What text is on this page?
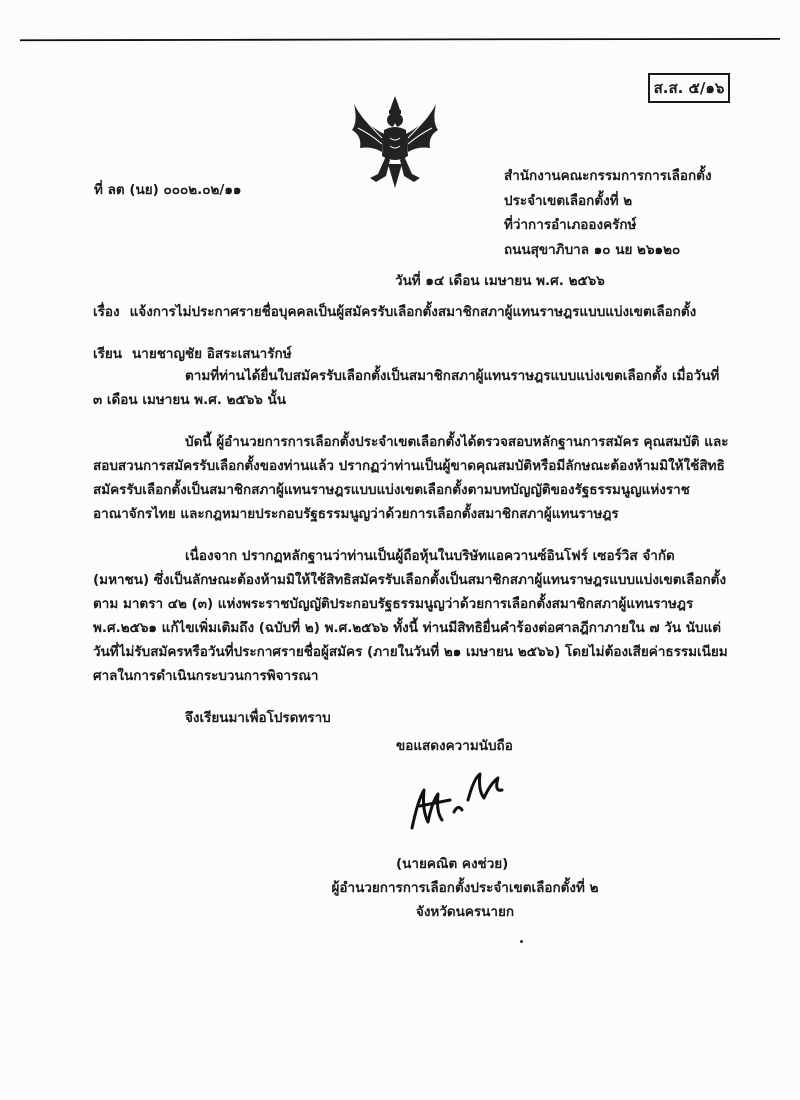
ส.ส. ๕/๑๖
ที่ ลต (นย) ๐๐๐๒.๐๒/๑๑
สำนักงานคณะกรรมการการเลือกตั้ง
ประจำเขตเลือกตั้งที่ ๒
ที่ว่าการอำเภอองครักษ์
ถนนสุขาภิบาล ๑๐ นย ๒๖๑๒๐
วันที่ ๑๔ เดือน เมษายน พ.ศ. ๒๕๖๖
เรื่อง แจ้งการไม่ประกาศรายชื่อบุคคลเป็นผู้สมัครรับเลือกตั้งสมาชิกสภาผู้แทนราษฎรแบบแบ่งเขตเลือกตั้ง
เรียน นายชาญชัย อิสระเสนารักษ์

ตามที่ท่านได้ยื่นใบสมัครรับเลือกตั้งเป็นสมาชิกสภาผู้แทนราษฎรแบบแบ่งเขตเลือกตั้ง เมื่อวันที่ ๓ เดือน เมษายน พ.ศ. ๒๕๖๖ นั้น

บัดนี้ ผู้อำนวยการการเลือกตั้งประจำเขตเลือกตั้งได้ตรวจสอบหลักฐานการสมัคร คุณสมบัติ และสอบสวนการสมัครรับเลือกตั้งของท่านแล้ว ปรากฏว่าท่านเป็นผู้ขาดคุณสมบัติหรือมีลักษณะต้องห้ามมิให้ใช้สิทธิสมัครรับเลือกตั้งเป็นสมาชิกสภาผู้แทนราษฎรแบบแบ่งเขตเลือกตั้งตามบทบัญญัติของรัฐธรรมนูญแห่งราชอาณาจักรไทย และกฎหมายประกอบรัฐธรรมนูญว่าด้วยการเลือกตั้งสมาชิกสภาผู้แทนราษฎร

เนื่องจาก ปรากฏหลักฐานว่าท่านเป็นผู้ถือหุ้นในบริษัทแอควานซ์อินโฟร์ เซอร์วิส จำกัด (มหาชน) ซึ่งเป็นลักษณะต้องห้ามมิให้ใช้สิทธิสมัครรับเลือกตั้งเป็นสมาชิกสภาผู้แทนราษฎรแบบแบ่งเขตเลือกตั้งตาม มาตรา ๔๒ (๓) แห่งพระราชบัญญัติประกอบรัฐธรรมนูญว่าด้วยการเลือกตั้งสมาชิกสภาผู้แทนราษฎร พ.ศ.๒๕๖๑ แก้ไขเพิ่มเติมถึง (ฉบับที่ ๒) พ.ศ.๒๕๖๖ ทั้งนี้ ท่านมีสิทธิยื่นคำร้องต่อศาลฎีกาภายใน ๗ วัน นับแต่วันที่ไม่รับสมัครหรือวันที่ประกาศรายชื่อผู้สมัคร (ภายในวันที่ ๒๑ เมษายน ๒๕๖๖) โดยไม่ต้องเสียค่าธรรมเนียมศาลในการดำเนินกระบวนการพิจารณา

จึงเรียนมาเพื่อโปรดทราบ

ขอแสดงความนับถือ
(นายคณิต คงช่วย)
ผู้อำนวยการการเลือกตั้งประจำเขตเลือกตั้งที่ ๒
จังหวัดนครนายก
